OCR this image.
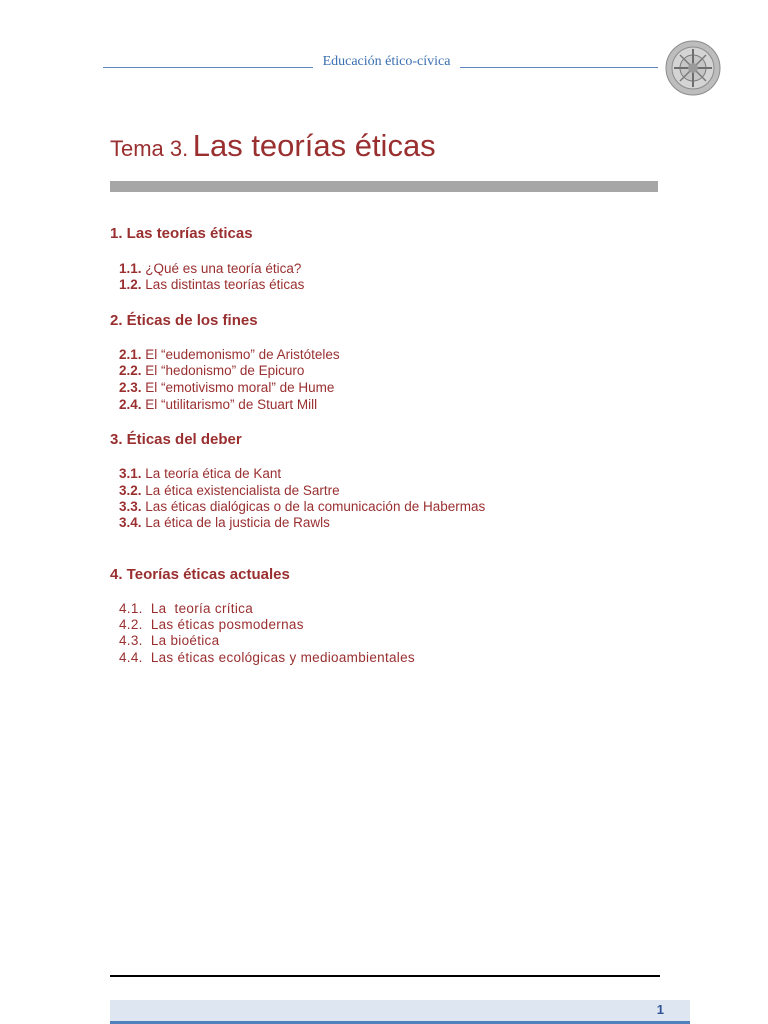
Educación ético-cívica
Tema 3. Las teorías éticas
1. Las teorías éticas
1.1. ¿Qué es una teoría ética?
1.2. Las distintas teorías éticas
2. Éticas de los fines
2.1. El “eudemonismo” de Aristóteles
2.2. El “hedonismo” de Epicuro
2.3. El “emotivismo moral” de Hume
2.4. El “utilitarismo” de Stuart Mill
3. Éticas del deber
3.1. La teoría ética de Kant
3.2. La ética existencialista de Sartre
3.3. Las éticas dialógicas o de la comunicación de Habermas
3.4. La ética de la justicia de Rawls
4. Teorías éticas actuales
4.1.  La  teoría crítica
4.2.  Las éticas posmodernas
4.3.  La bioética
4.4.  Las éticas ecológicas y medioambientales
1
